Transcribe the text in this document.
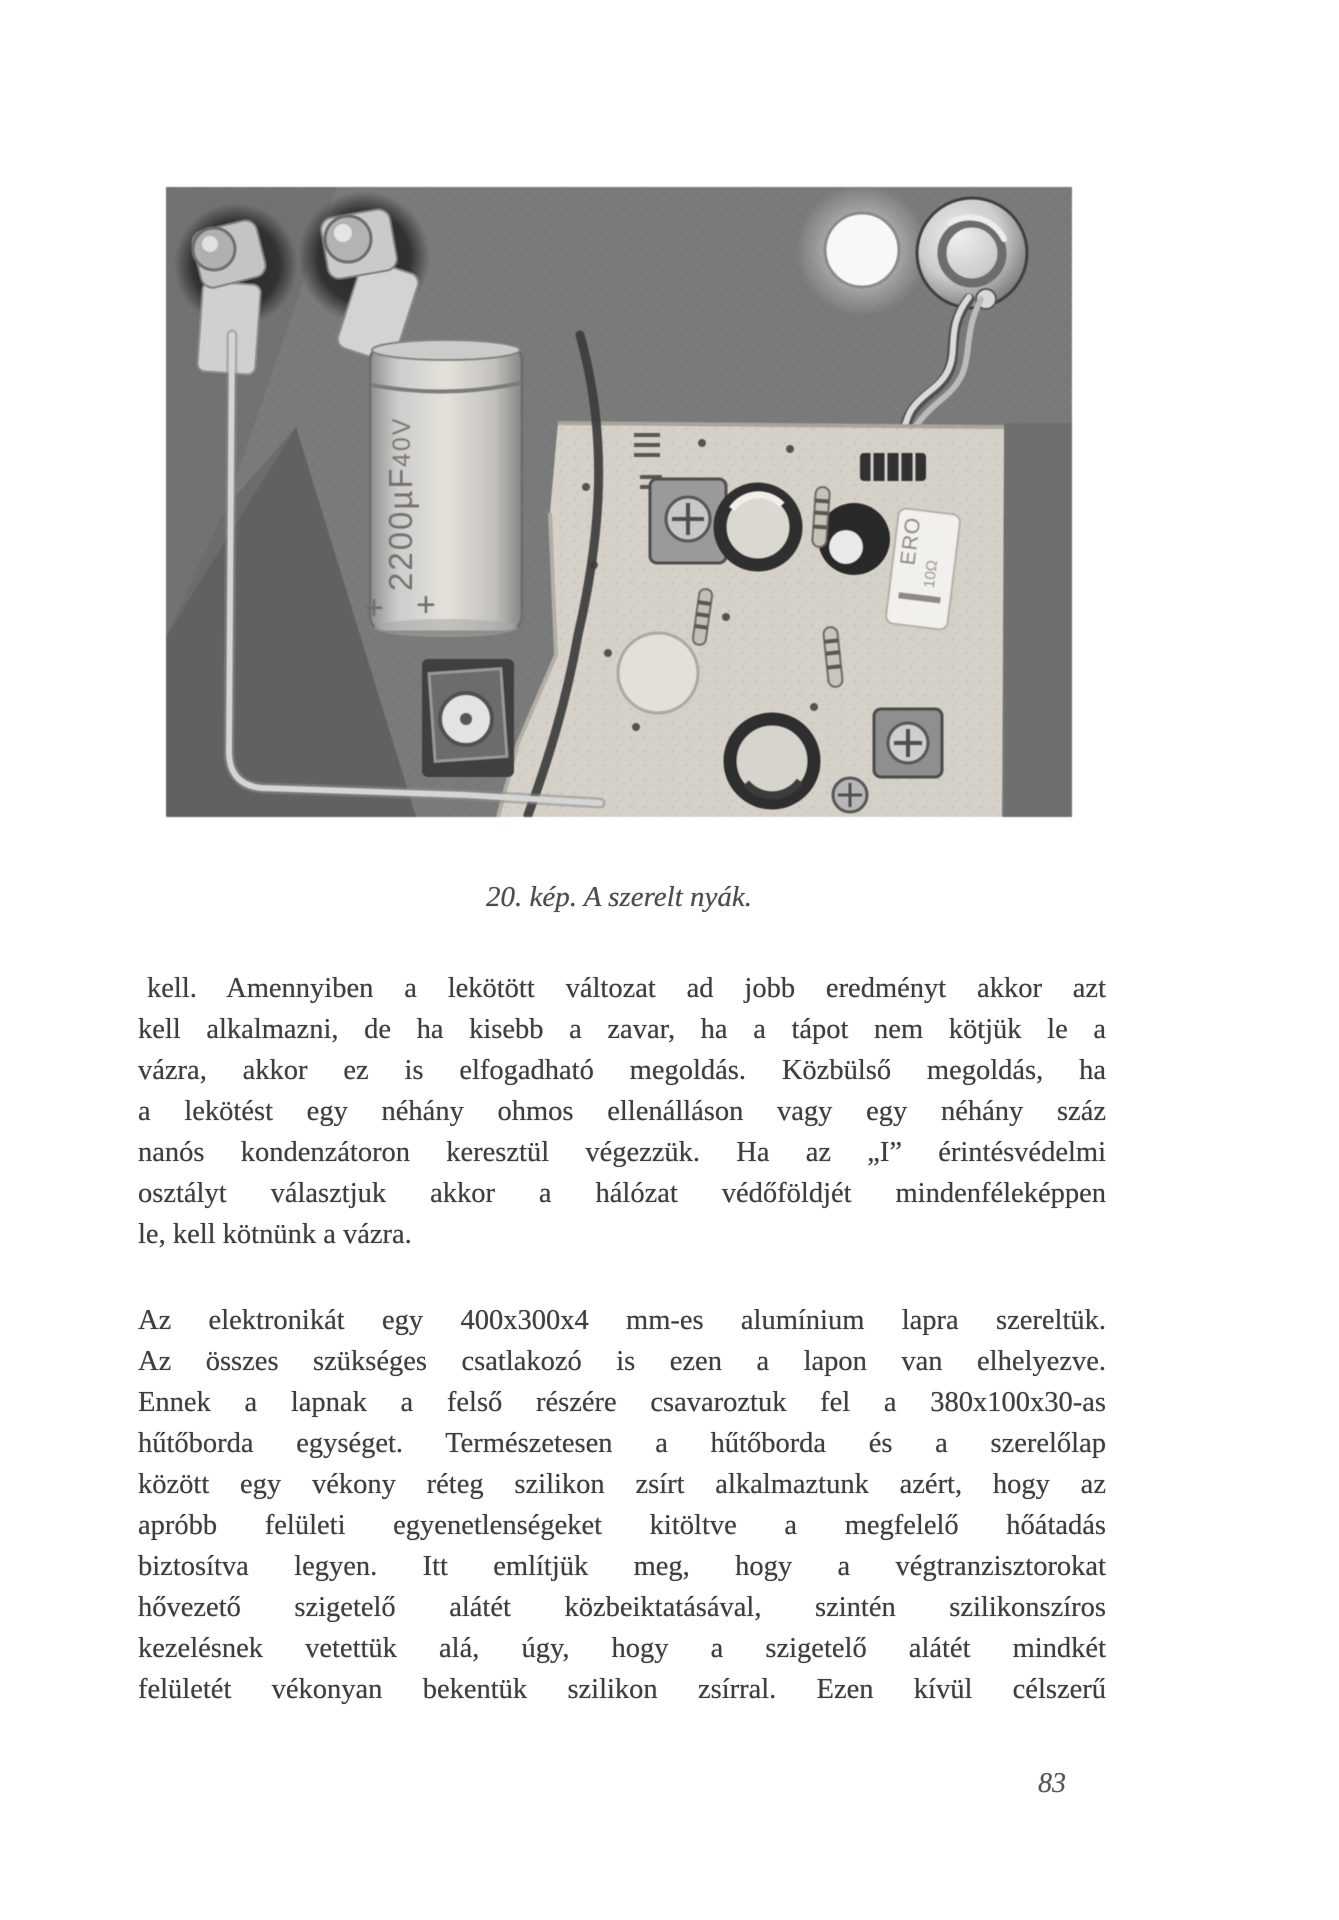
ERO
10Ω
2200µF
40V
+ +
20. kép. A szerelt nyák.
kell. Amennyiben a lekötött változat ad jobb eredményt akkor azt
kell alkalmazni, de ha kisebb a zavar, ha a tápot nem kötjük le a
vázra, akkor ez is elfogadható megoldás. Közbülső megoldás, ha
a lekötést egy néhány ohmos ellenálláson vagy egy néhány száz
nanós kondenzátoron keresztül végezzük. Ha az „I” érintésvédelmi
osztályt választjuk akkor a hálózat védőföldjét mindenféleképpen
le, kell kötnünk a vázra.
Az elektronikát egy 400x300x4 mm-es alumínium lapra szereltük.
Az összes szükséges csatlakozó is ezen a lapon van elhelyezve.
Ennek a lapnak a felső részére csavaroztuk fel a 380x100x30-as
hűtőborda egységet. Természetesen a hűtőborda és a szerelőlap
között egy vékony réteg szilikon zsírt alkalmaztunk azért, hogy az
apróbb felületi egyenetlenségeket kitöltve a megfelelő hőátadás
biztosítva legyen. Itt említjük meg, hogy a végtranzisztorokat
hővezető szigetelő alátét közbeiktatásával, szintén szilikonszíros
kezelésnek vetettük alá, úgy, hogy a szigetelő alátét mindkét
felületét vékonyan bekentük szilikon zsírral. Ezen kívül célszerű
83
